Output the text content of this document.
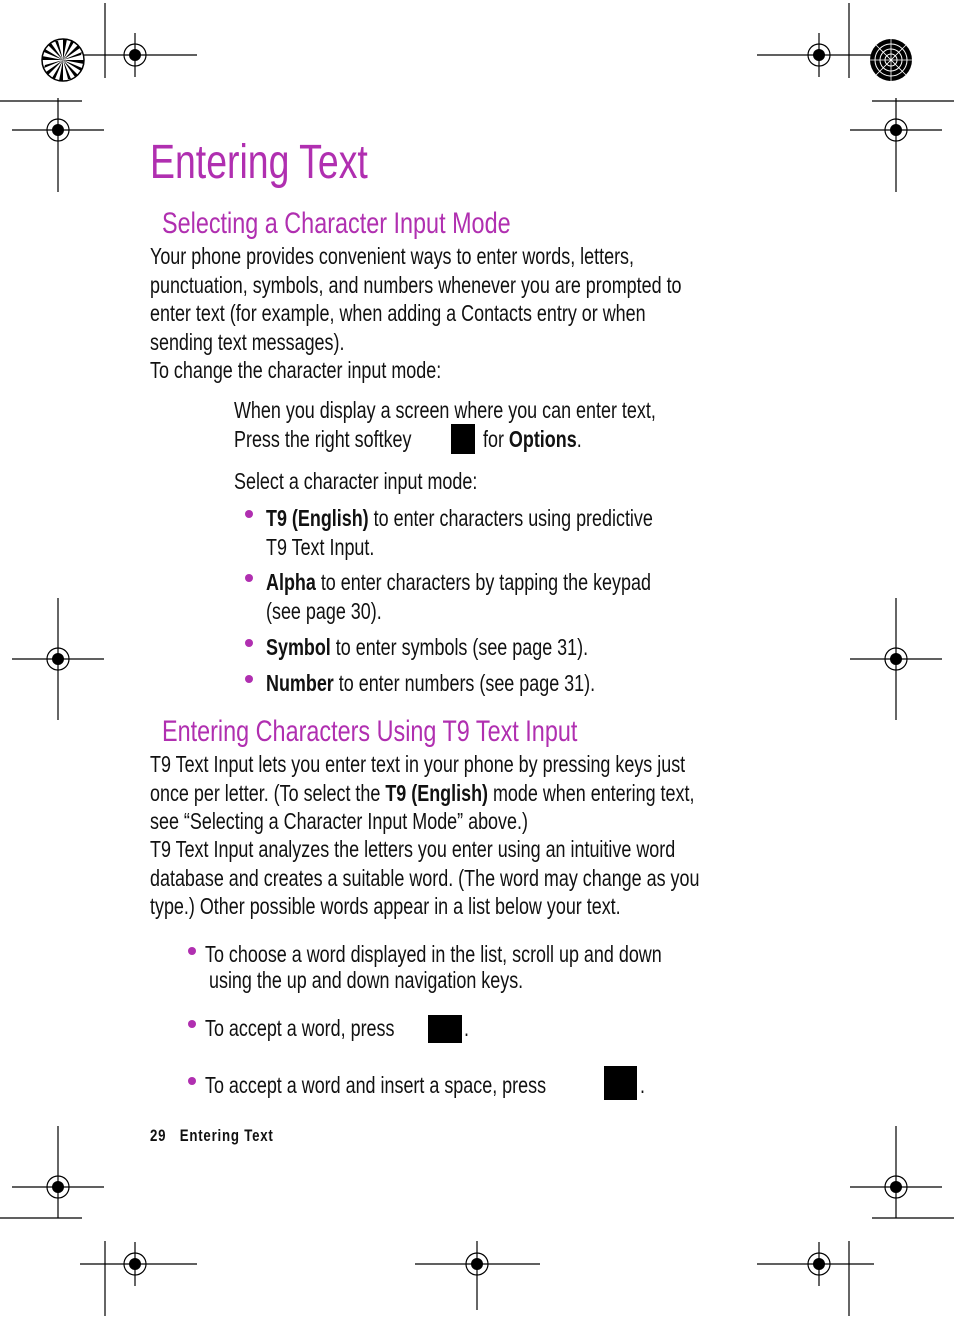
Entering Text
Selecting a Character Input Mode
Your phone provides convenient ways to enter words, letters,
punctuation, symbols, and numbers whenever you are prompted to
enter text (for example, when adding a Contacts entry or when
sending text messages).
To change the character input mode:
When you display a screen where you can enter text,
Press the right softkey	for Options.
Select a character input mode:
T9 (English) to enter characters using predictive
T9 Text Input.
Alpha to enter characters by tapping the keypad
(see page 30).
Symbol to enter symbols (see page 31).
Number to enter numbers (see page 31).
Entering Characters Using T9 Text Input
T9 Text Input lets you enter text in your phone by pressing keys just
once per letter. (To select the T9 (English) mode when entering text,
see “Selecting a Character Input Mode” above.)
T9 Text Input analyzes the letters you enter using an intuitive word
database and creates a suitable word. (The word may change as you
type.) Other possible words appear in a list below your text.
To choose a word displayed in the list, scroll up and down
using the up and down navigation keys.
To accept a word, press	.
To accept a word and insert a space, press	.
29 Entering Text
